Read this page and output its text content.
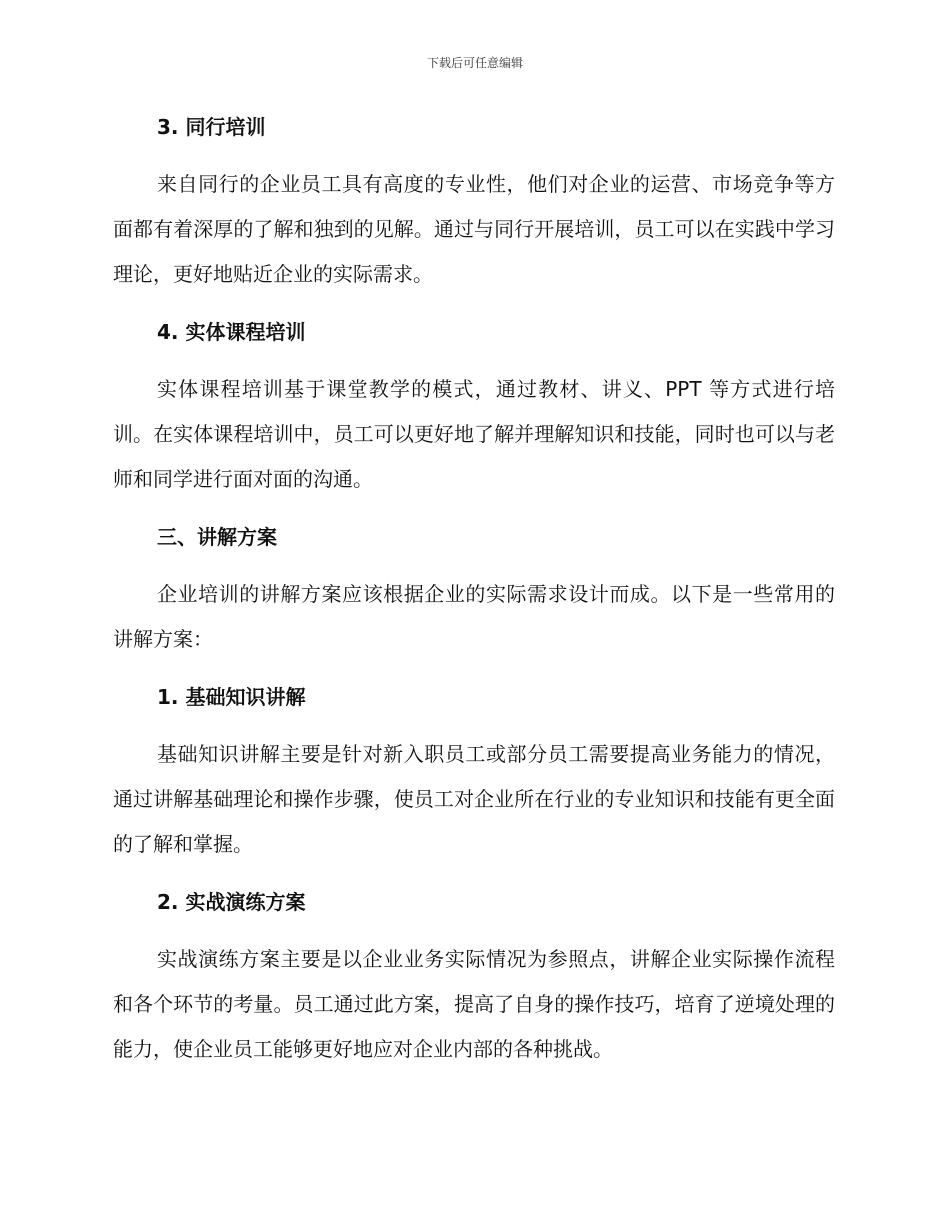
下载后可任意编辑
3. 同行培训

来自同行的企业员工具有高度的专业性，他们对企业的运营、市场竞争等方面都有着深厚的了解和独到的见解。通过与同行开展培训，员工可以在实践中学习理论，更好地贴近企业的实际需求。

4. 实体课程培训

实体课程培训基于课堂教学的模式，通过教材、讲义、PPT 等方式进行培训。在实体课程培训中，员工可以更好地了解并理解知识和技能，同时也可以与老师和同学进行面对面的沟通。

三、讲解方案

企业培训的讲解方案应该根据企业的实际需求设计而成。以下是一些常用的讲解方案：

1. 基础知识讲解

基础知识讲解主要是针对新入职员工或部分员工需要提高业务能力的情况，通过讲解基础理论和操作步骤，使员工对企业所在行业的专业知识和技能有更全面的了解和掌握。

2. 实战演练方案

实战演练方案主要是以企业业务实际情况为参照点，讲解企业实际操作流程和各个环节的考量。员工通过此方案，提高了自身的操作技巧，培育了逆境处理的能力，使企业员工能够更好地应对企业内部的各种挑战。
